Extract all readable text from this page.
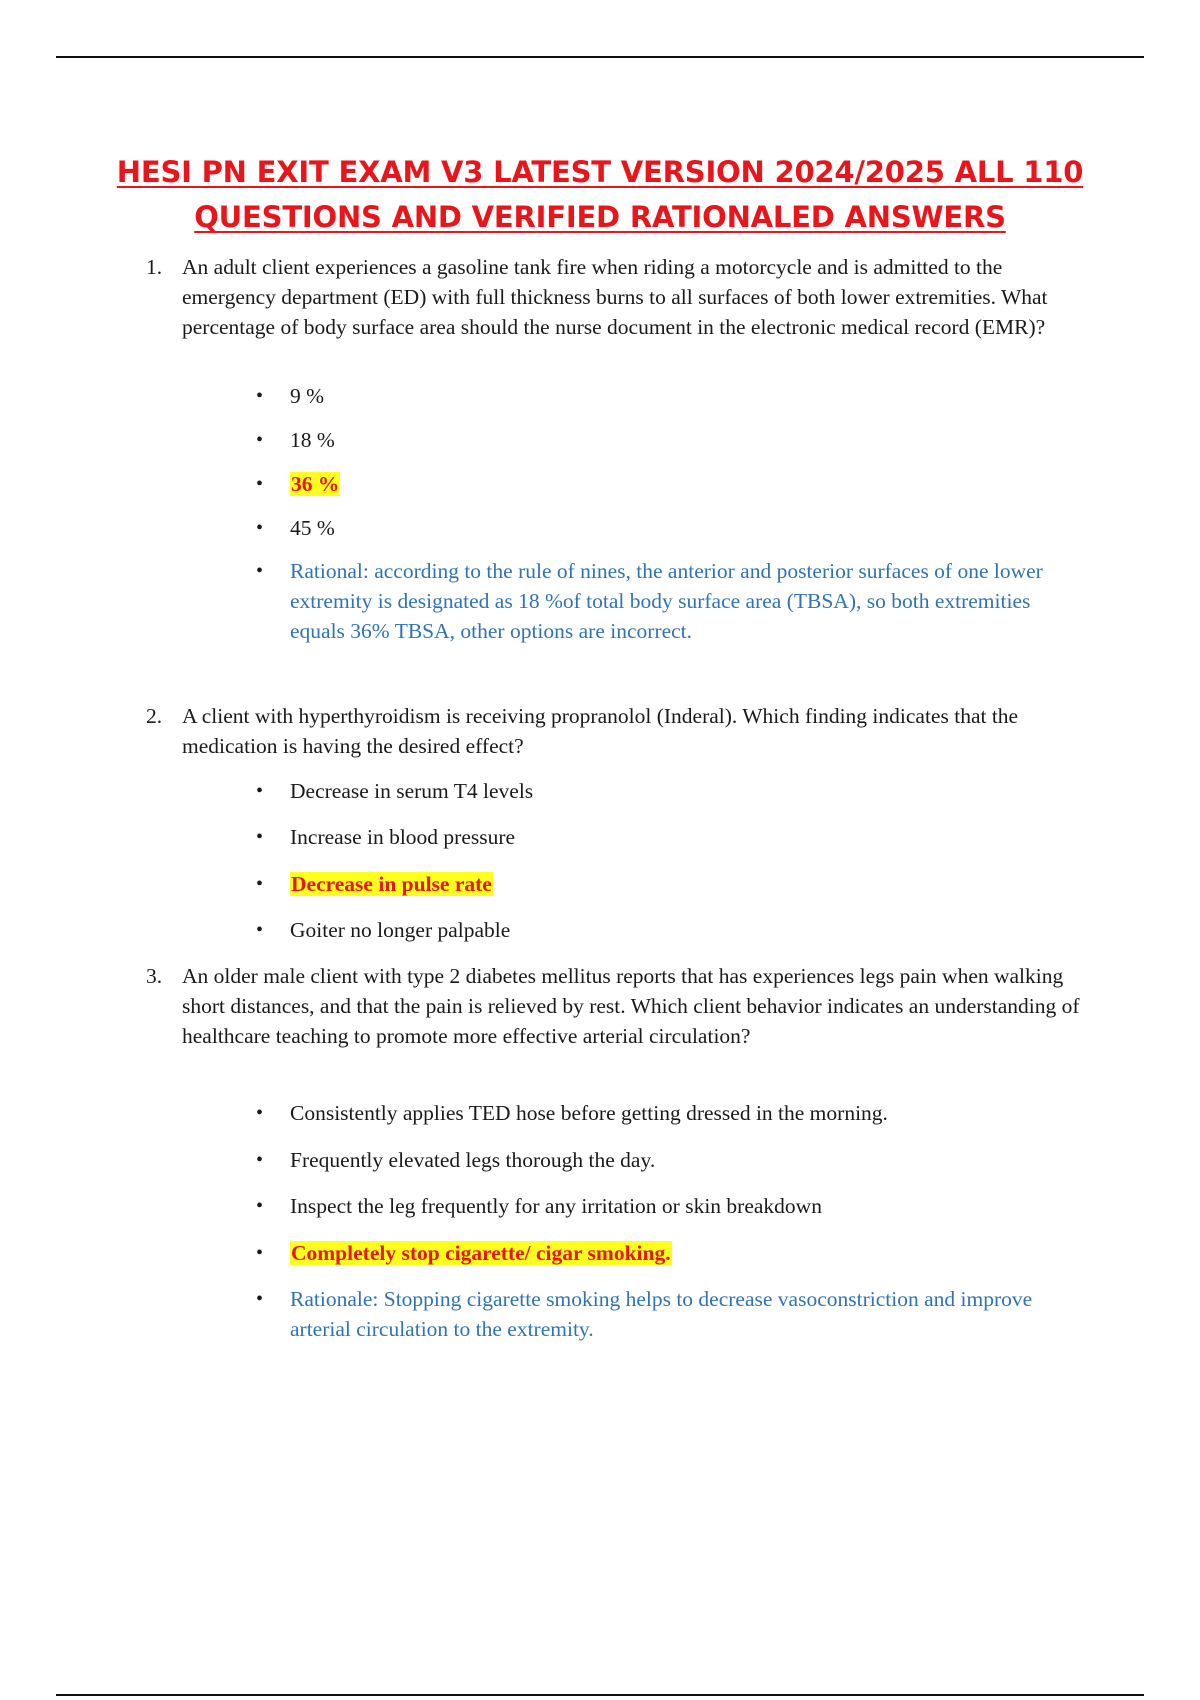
HESI PN EXIT EXAM V3 LATEST VERSION 2024/2025 ALL 110
QUESTIONS AND VERIFIED RATIONALED ANSWERS
1. An adult client experiences a gasoline tank fire when riding a motorcycle and is admitted to the emergency department (ED) with full thickness burns to all surfaces of both lower extremities. What percentage of body surface area should the nurse document in the electronic medical record (EMR)?
• 9 %
• 18 %
• 36 %
• 45 %
• Rational: according to the rule of nines, the anterior and posterior surfaces of one lower extremity is designated as 18 %of total body surface area (TBSA), so both extremities equals 36% TBSA, other options are incorrect.
2. A client with hyperthyroidism is receiving propranolol (Inderal). Which finding indicates that the medication is having the desired effect?
• Decrease in serum T4 levels
• Increase in blood pressure
• Decrease in pulse rate
• Goiter no longer palpable
3. An older male client with type 2 diabetes mellitus reports that has experiences legs pain when walking short distances, and that the pain is relieved by rest. Which client behavior indicates an understanding of healthcare teaching to promote more effective arterial circulation?
• Consistently applies TED hose before getting dressed in the morning.
• Frequently elevated legs thorough the day.
• Inspect the leg frequently for any irritation or skin breakdown
• Completely stop cigarette/ cigar smoking.
• Rationale: Stopping cigarette smoking helps to decrease vasoconstriction and improve arterial circulation to the extremity.
